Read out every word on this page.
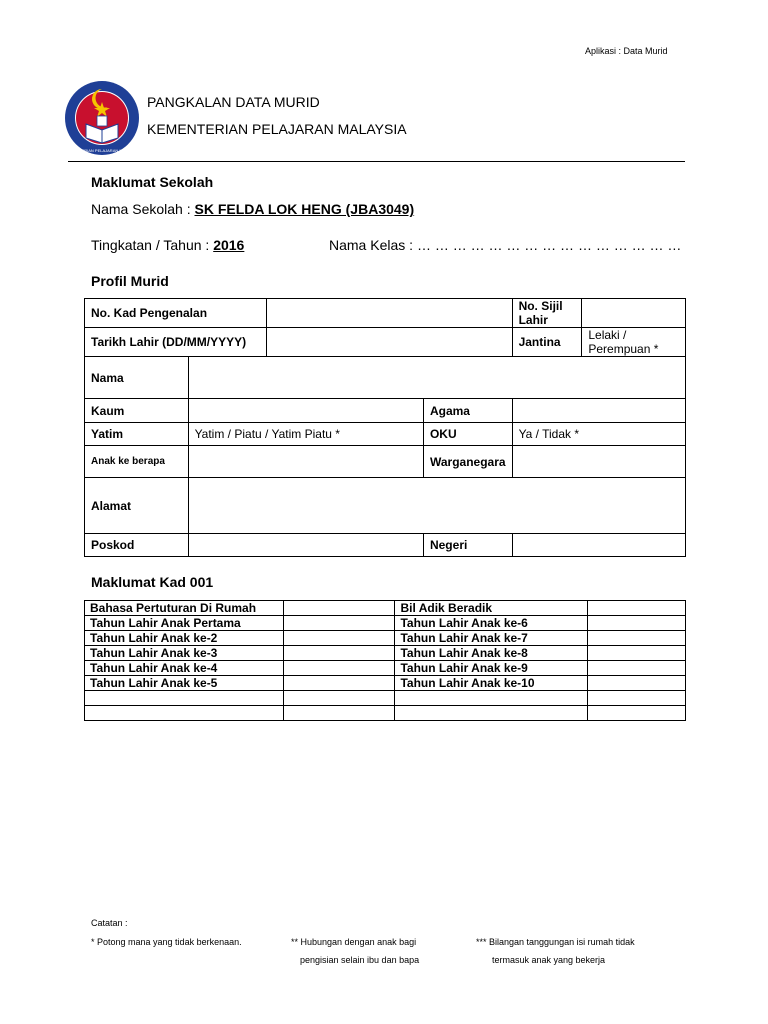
Aplikasi : Data Murid
KEMENTERIAN PELAJARAN MALAYSIA
PANGKALAN DATA MURID
KEMENTERIAN PELAJARAN MALAYSIA
Maklumat Sekolah
Nama Sekolah : SK FELDA LOK HENG (JBA3049)
Tingkatan / Tahun : 2016	Nama Kelas : … … … … … … … … … … … … … … …
Profil Murid
No. Kad Pengenalan				No. Sijil Lahir	
Tarikh Lahir (DD/MM/YYYY)				Jantina	Lelaki / Perempuan *
Nama					
Kaum			Agama		
Yatim	Yatim / Piatu / Yatim Piatu *		OKU	Ya / Tidak *	
Anak ke berapa			Warganegara		
Alamat					
Poskod			Negeri		
Maklumat Kad 001
Bahasa Pertuturan Di Rumah		Bil Adik Beradik	
Tahun Lahir Anak Pertama		Tahun Lahir Anak ke-6	
Tahun Lahir Anak ke-2		Tahun Lahir Anak ke-7	
Tahun Lahir Anak ke-3		Tahun Lahir Anak ke-8	
Tahun Lahir Anak ke-4		Tahun Lahir Anak ke-9	
Tahun Lahir Anak ke-5		Tahun Lahir Anak ke-10	

Catatan :
* Potong mana yang tidak berkenaan.	** Hubungan dengan anak bagi
pengisian selain ibu dan bapa
*** Bilangan tanggungan isi rumah tidak
termasuk anak yang bekerja
